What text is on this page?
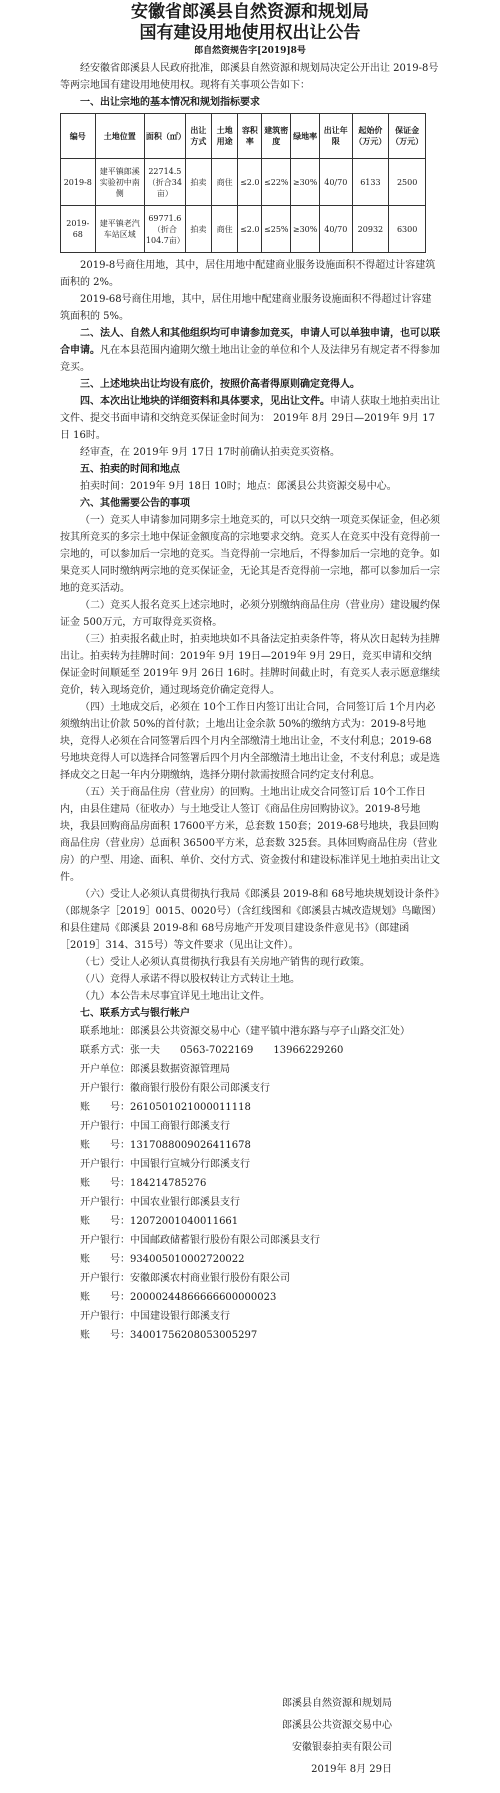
安徽省郎溪县自然资源和规划局

国有建设用地使用权出让公告

郎自然资规告字[2019]8号

经安徽省郎溪县人民政府批准，郎溪县自然资源和规划局决定公开出让 2019-8号等两宗地国有建设用地使用权。现将有关事项公告如下：

一、出让宗地的基本情况和规划指标要求

编号	土地位置	面积（㎡）	出让方式	土地用途	容积率	建筑密度	绿地率	出让年限	起始价（万元）	保证金（万元）
2019-8	建平镇郎溪实验初中南侧	22714.5（折合34亩）	拍卖	商住	≤2.0	≤22%	≥30%	40/70	6133	2500
2019-68	建平镇老汽车站区域	69771.6（折合104.7亩）	拍卖	商住	≤2.0	≤25%	≥30%	40/70	20932	6300

2019-8号商住用地，其中，居住用地中配建商业服务设施面积不得超过计容建筑面积的 2%。

2019-68号商住用地，其中，居住用地中配建商业服务设施面积不得超过计容建筑面积的 5%。

二、法人、自然人和其他组织均可申请参加竞买，申请人可以单独申请，也可以联合申请。凡在本县范围内逾期欠缴土地出让金的单位和个人及法律另有规定者不得参加竞买。

三、上述地块出让均设有底价，按照价高者得原则确定竞得人。

四、本次出让地块的详细资料和具体要求，见出让文件。申请人获取土地拍卖出让文件、提交书面申请和交纳竞买保证金时间为： 2019年 8月 29日—2019年 9月 17日 16时。

经审查，在 2019年 9月 17日 17时前确认拍卖竞买资格。

五、拍卖的时间和地点

拍卖时间：2019年 9月 18日 10时；地点：郎溪县公共资源交易中心。

六、其他需要公告的事项

（一）竞买人申请参加同期多宗土地竞买的，可以只交纳一项竞买保证金，但必须按其所竞买的多宗土地中保证金额度高的宗地要求交纳。竞买人在竞买中没有竞得前一宗地的，可以参加后一宗地的竞买。当竞得前一宗地后，不得参加后一宗地的竞争。如果竞买人同时缴纳两宗地的竞买保证金，无论其是否竞得前一宗地，都可以参加后一宗地的竞买活动。

（二）竞买人报名竞买上述宗地时，必须分别缴纳商品住房（营业房）建设履约保证金 500万元，方可取得竞买资格。

（三）拍卖报名截止时，拍卖地块如不具备法定拍卖条件等，将从次日起转为挂牌出让。拍卖转为挂牌时间：2019年 9月 19日—2019年 9月 29日，竞买申请和交纳保证金时间顺延至 2019年 9月 26日 16时。挂牌时间截止时，有竞买人表示愿意继续竞价，转入现场竞价，通过现场竞价确定竞得人。

（四）土地成交后，必须在 10个工作日内签订出让合同，合同签订后 1个月内必须缴纳出让价款 50%的首付款；土地出让金余款 50%的缴纳方式为：2019-8号地块，竞得人必须在合同签署后四个月内全部缴清土地出让金，不支付利息；2019-68号地块竞得人可以选择合同签署后四个月内全部缴清土地出让金，不支付利息；或是选择成交之日起一年内分期缴纳，选择分期付款需按照合同约定支付利息。

（五）关于商品住房（营业房）的回购。土地出让成交合同签订后 10个工作日内，由县住建局（征收办）与土地受让人签订《商品住房回购协议》。2019-8号地块，我县回购商品房面积 17600平方米，总套数 150套；2019-68号地块，我县回购商品住房（营业房）总面积 36500平方米，总套数 325套。具体回购商品住房（营业房）的户型、用途、面积、单价、交付方式、资金拨付和建设标准详见土地拍卖出让文件。

（六）受让人必须认真贯彻执行我局《郎溪县 2019-8和 68号地块规划设计条件》（郎规条字［2019］0015、0020号）（含红线图和《郎溪县古城改造规划》鸟瞰图）和县住建局《郎溪县 2019-8和 68号房地产开发项目建设条件意见书》（郎建函［2019］314、315号）等文件要求（见出让文件）。

（七）受让人必须认真贯彻执行我县有关房地产销售的现行政策。

（八）竞得人承诺不得以股权转让方式转让土地。

（九）本公告未尽事宜详见土地出让文件。

七、联系方式与银行帐户

联系地址：郎溪县公共资源交易中心（建平镇中港东路与亭子山路交汇处）

联系方式：张一夫　　0563-7022169　　13966229260

开户单位：郎溪县数据资源管理局

开户银行：徽商银行股份有限公司郎溪支行

账　　号：2610501021000011118

开户银行：中国工商银行郎溪支行

账　　号：1317088009026411678

开户银行：中国银行宣城分行郎溪支行

账　　号：184214785276

开户银行：中国农业银行郎溪县支行

账　　号：12072001040011661

开户银行：中国邮政储蓄银行股份有限公司郎溪县支行

账　　号：934005010002720022

开户银行：安徽郎溪农村商业银行股份有限公司

账　　号：20000244866666600000023

开户银行：中国建设银行郎溪支行

账　　号：34001756208053005297

郎溪县自然资源和规划局

郎溪县公共资源交易中心

安徽银泰拍卖有限公司

2019年 8月 29日
